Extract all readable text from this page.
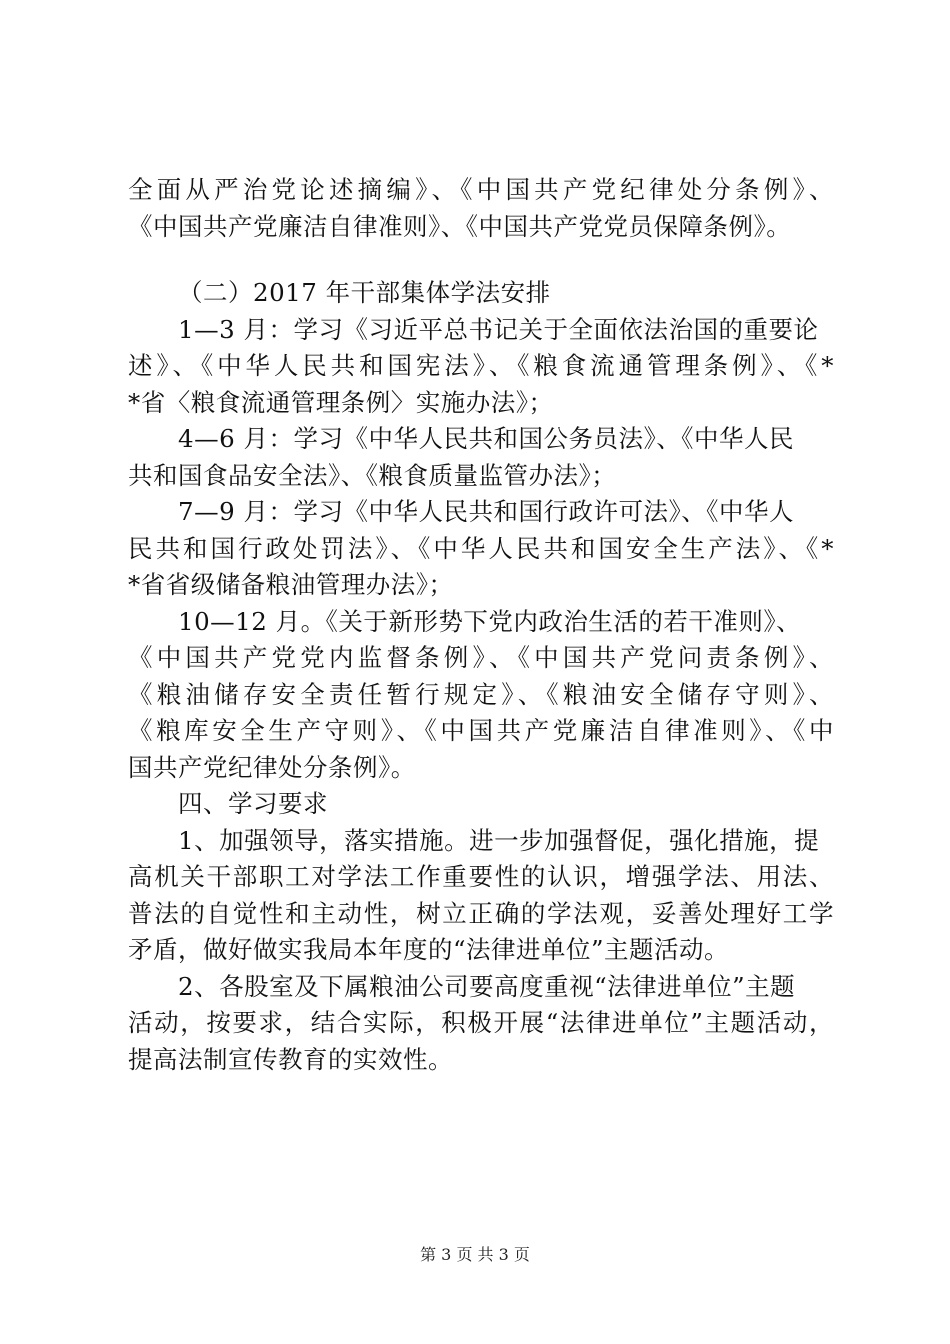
全面从严治党论述摘编》、《中国共产党纪律处分条例》、
《中国共产党廉洁自律准则》、《中国共产党党员保障条例》。
（二）2017 年干部集体学法安排
1—3 月：学习《习近平总书记关于全面依法治国的重要论
述》、《中华人民共和国宪法》、《粮食流通管理条例》、《*
*省〈粮食流通管理条例〉实施办法》；
4—6 月：学习《中华人民共和国公务员法》、《中华人民
共和国食品安全法》、《粮食质量监管办法》；
7—9 月：学习《中华人民共和国行政许可法》、《中华人
民共和国行政处罚法》、《中华人民共和国安全生产法》、《*
*省省级储备粮油管理办法》；
10—12 月。《关于新形势下党内政治生活的若干准则》、
《中国共产党党内监督条例》、《中国共产党问责条例》、
《粮油储存安全责任暂行规定》、《粮油安全储存守则》、
《粮库安全生产守则》、《中国共产党廉洁自律准则》、《中
国共产党纪律处分条例》。
四、学习要求
1、加强领导，落实措施。进一步加强督促，强化措施，提
高机关干部职工对学法工作重要性的认识，增强学法、用法、
普法的自觉性和主动性，树立正确的学法观，妥善处理好工学
矛盾，做好做实我局本年度的“法律进单位”主题活动。
2、各股室及下属粮油公司要高度重视“法律进单位”主题
活动，按要求，结合实际，积极开展“法律进单位”主题活动，
提高法制宣传教育的实效性。
第 3 页 共 3 页
